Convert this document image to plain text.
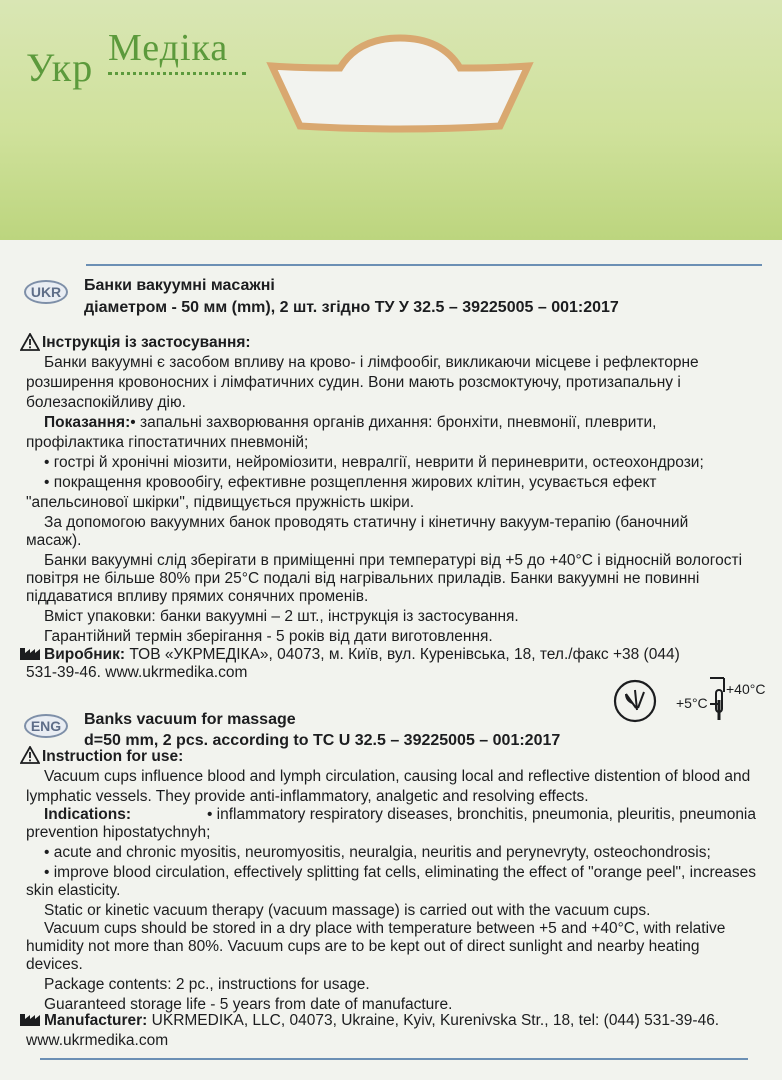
Укр Медіка
UKR	Банки вакуумні масажні
діаметром - 50 мм (mm), 2 шт. згідно ТУ У 32.5 – 39225005 – 001:2017
Інструкція із застосування:
Банки вакуумні є засобом впливу на крово- і лімфообіг, викликаючи місцеве і рефлекторне
розширення кровоносних і лімфатичних судин. Вони мають розсмоктуючу, протизапальну і
болезаспокійливу дію.
Показання:• запальні захворювання органів дихання: бронхіти, пневмонії, плеврити,
профілактика гіпостатичних пневмоній;
• гострі й хронічні міозити, нейроміозити, невралгії, неврити й периневрити, остеохондрози;
• покращення кровообігу, ефективне розщеплення жирових клітин, усувається ефект
"апельсинової шкірки", підвищується пружність шкіри.
За допомогою вакуумних банок проводять статичну і кінетичну вакуум-терапію (баночний
масаж).
Банки вакуумні слід зберігати в приміщенні при температурі від +5 до +40°C і відносній вологості
повітря не більше 80% при 25°C подалі від нагрівальних приладів. Банки вакуумні не повинні
піддаватися впливу прямих сонячних променів.
Вміст упаковки: банки вакуумні – 2 шт., інструкція із застосування.
Гарантійний термін зберігання - 5 років від дати виготовлення.
Виробник: ТОВ «УКРМЕДІКА», 04073, м. Київ, вул. Куренівська, 18, тел./факс +38 (044)
531-39-46. www.ukrmedika.com
+40°C
+5°C
ENG	Banks vacuum for massage
d=50 mm, 2 pcs. according to TC U 32.5 – 39225005 – 001:2017
Instruction for use:
Vacuum cups influence blood and lymph circulation, causing local and reflective distention of blood and
lymphatic vessels. They provide anti-inflammatory, analgetic and resolving effects.
Indications:	• inflammatory respiratory diseases, bronchitis, pneumonia, pleuritis, pneumonia
prevention hipostatychnyh;
• acute and chronic myositis, neuromyositis, neuralgia, neuritis and perynevryty, osteochondrosis;
• improve blood circulation, effectively splitting fat cells, eliminating the effect of "orange peel", increases
skin elasticity.
Static or kinetic vacuum therapy (vacuum massage) is carried out with the vacuum cups.
Vacuum cups should be stored in a dry place with temperature between +5 and +40°C, with relative
humidity not more than 80%. Vacuum cups are to be kept out of direct sunlight and nearby heating
devices.
Package contents: 2 pc., instructions for usage.
Guaranteed storage life - 5 years from date of manufacture.
Manufacturer: UKRMEDIKA, LLC, 04073, Ukraine, Kyiv, Kurenivska Str., 18, tel: (044) 531-39-46.
www.ukrmedika.com
